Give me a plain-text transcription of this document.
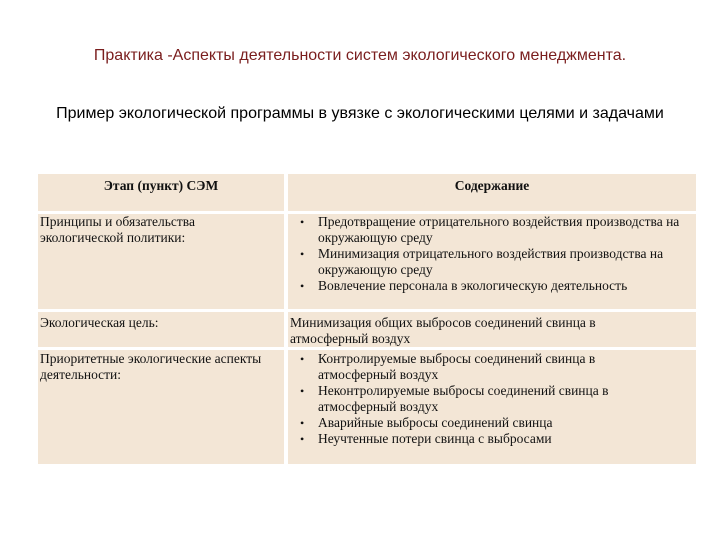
Практика -Аспекты деятельности систем экологического менеджмента.
Пример экологической программы в увязке с экологическими целями и задачами
Этап (пункт) СЭМ	Содержание
Принципы и обязательства экологической политики:
• Предотвращение отрицательного воздействия производства на окружающую среду
• Минимизация отрицательного воздействия производства на окружающую среду
• Вовлечение персонала в экологическую деятельность
Экологическая цель:	Минимизация общих выбросов соединений свинца в атмосферный воздух
Приоритетные экологические аспекты деятельности:
• Контролируемые выбросы соединений свинца в атмосферный воздух
• Неконтролируемые выбросы соединений свинца в атмосферный воздух
• Аварийные выбросы соединений свинца
• Неучтенные потери свинца с выбросами
